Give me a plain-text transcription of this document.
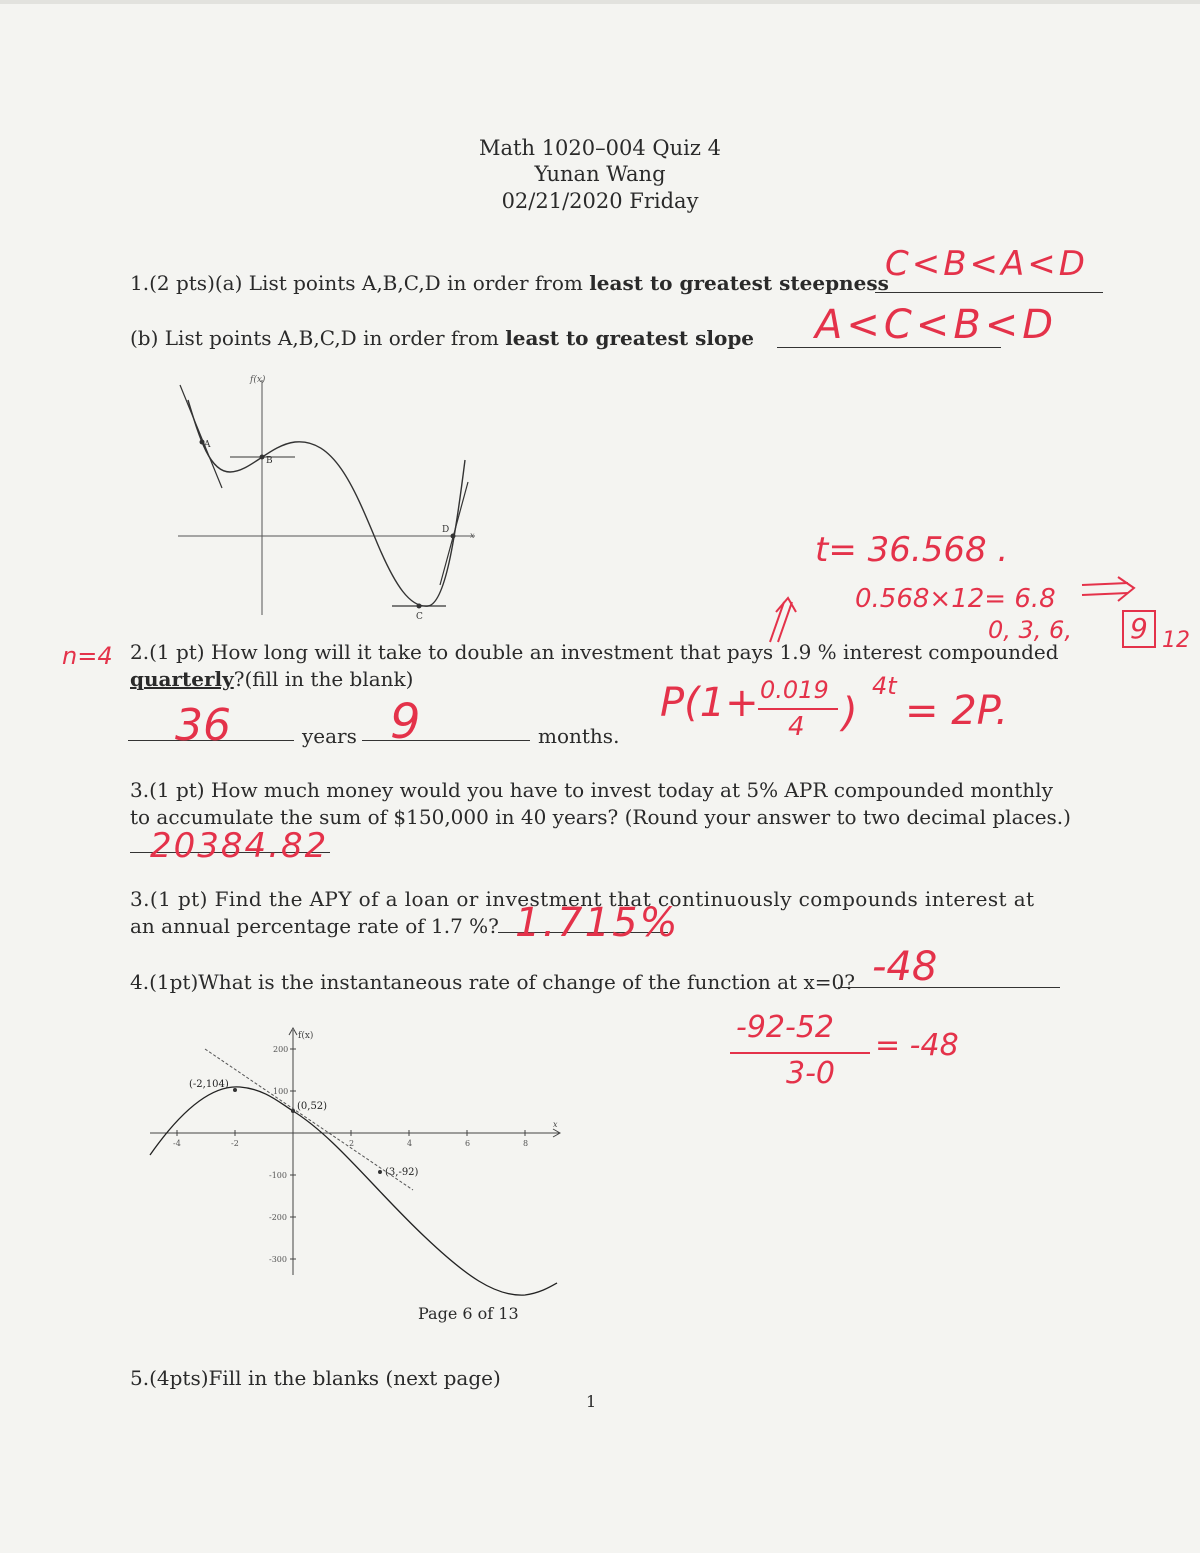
Math 1020–004 Quiz 4
Yunan Wang
02/21/2020 Friday
1.(2 pts)(a) List points A,B,C,D in order from least to greatest steepness
C<B<A<D
(b) List points A,B,C,D in order from least to greatest slope A<C<B<D
A
B
C
D
f(x)
x	t= 36.568 .
0.568×12= 6.8
0, 3, 6, 9 12
n=4 2.(1 pt) How long will it take to double an investment that pays 1.9 % interest compounded
quarterly?(fill in the blank)
36	years 9	months.
P(1+ 0.019
4 )
4t
= 2P.
3.(1 pt) How much money would you have to invest today at 5% APR compounded monthly
to accumulate the sum of $150,000 in 40 years? (Round your answer to two decimal places.)
20384.82
3.(1 pt) Find the APY of a loan or investment that continuously compounds interest at
an annual percentage rate of 1.7 %? 1.715%
4.(1pt)What is the instantaneous rate of change of the function at x=0? -48
-92-52
3-0
= -48
-4	-2	2	4	6	8
200
100
-100
-200
-300
f(x)
x
(-2,104)
(0,52)
(3,-92)
Page 6 of 13
5.(4pts)Fill in the blanks (next page)
1
